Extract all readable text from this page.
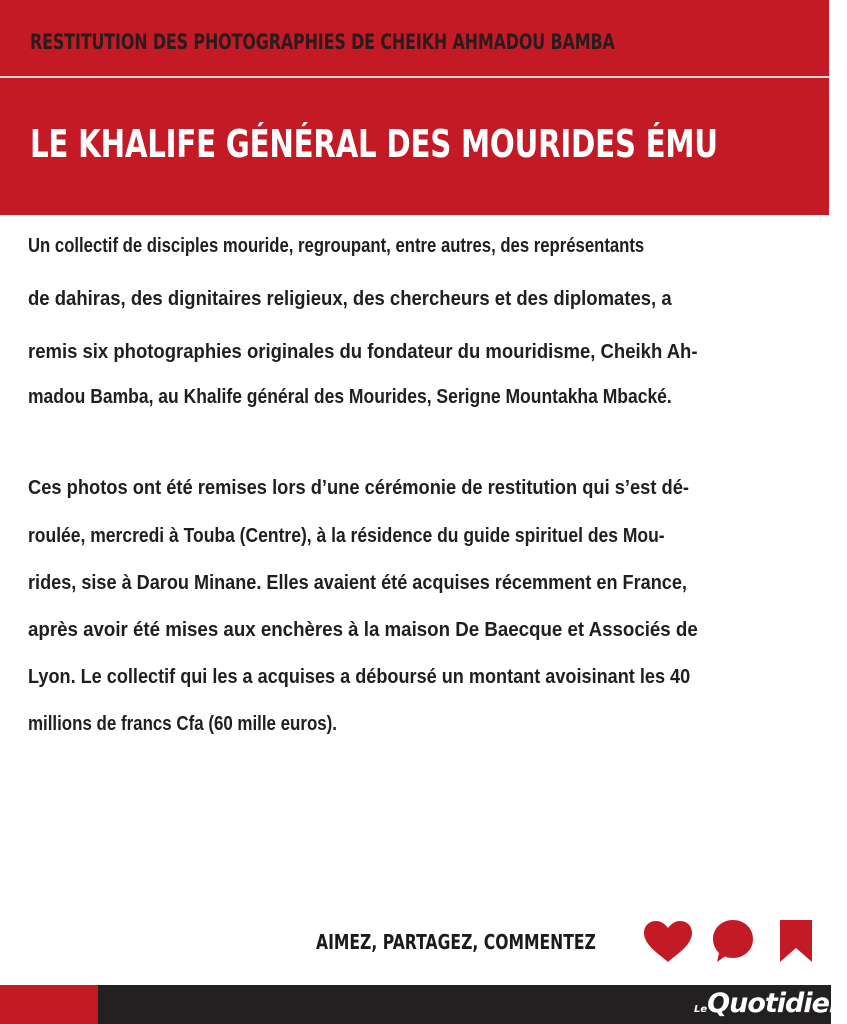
RESTITUTION DES PHOTOGRAPHIES DE CHEIKH AHMADOU BAMBA
LE KHALIFE GÉNÉRAL DES MOURIDES ÉMU
Un collectif de disciples mouride, regroupant, entre autres, des représentants
de dahiras, des dignitaires religieux, des chercheurs et des diplomates, a
remis six photographies originales du fondateur du mouridisme, Cheikh Ah-
madou Bamba, au Khalife général des Mourides, Serigne Mountakha Mbacké.
Ces photos ont été remises lors d’une cérémonie de restitution qui s’est dé-
roulée, mercredi à Touba (Centre), à la résidence du guide spirituel des Mou-
rides, sise à Darou Minane. Elles avaient été acquises récemment en France,
après avoir été mises aux enchères à la maison De Baecque et Associés de
Lyon. Le collectif qui les a acquises a déboursé un montant avoisinant les 40
millions de francs Cfa (60 mille euros).
AIMEZ, PARTAGEZ, COMMENTEZ
LeQuotidien
